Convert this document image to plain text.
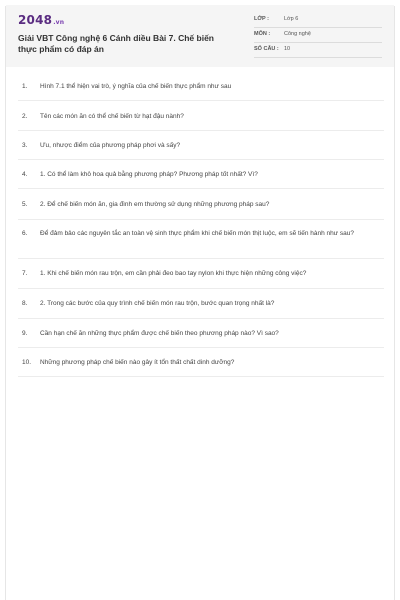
2048.vn
Giải VBT Công nghệ 6 Cánh diều Bài 7. Chế biến thực phẩm có đáp án
LỚP :	Lớp 6
MÔN :	Công nghệ
SỐ CÂU : 10
1. Hình 7.1 thể hiện vai trò, ý nghĩa của chế biến thực phẩm như sau
2. Tên các món ăn có thể chế biến từ hạt đậu nành?
3. Ưu, nhược điểm của phương pháp phơi và sấy?
4. 1. Có thể làm khô hoa quả bằng phương pháp? Phương pháp tốt nhất? Vì?
5. 2. Để chế biến món ăn, gia đình em thường sử dụng những phương pháp sau?
6. Để đảm bảo các nguyên tắc an toàn vệ sinh thực phẩm khi chế biến món thịt luộc, em sẽ tiến hành như sau?
7. 1. Khi chế biến món rau trộn, em cần phải đeo bao tay nylon khi thực hiện những công việc?
8. 2. Trong các bước của quy trình chế biến món rau trộn, bước quan trọng nhất là?
9. Cần hạn chế ăn những thực phẩm được chế biến theo phương pháp nào? Vì sao?
10. Những phương pháp chế biến nào gây ít tổn thất chất dinh dưỡng?
